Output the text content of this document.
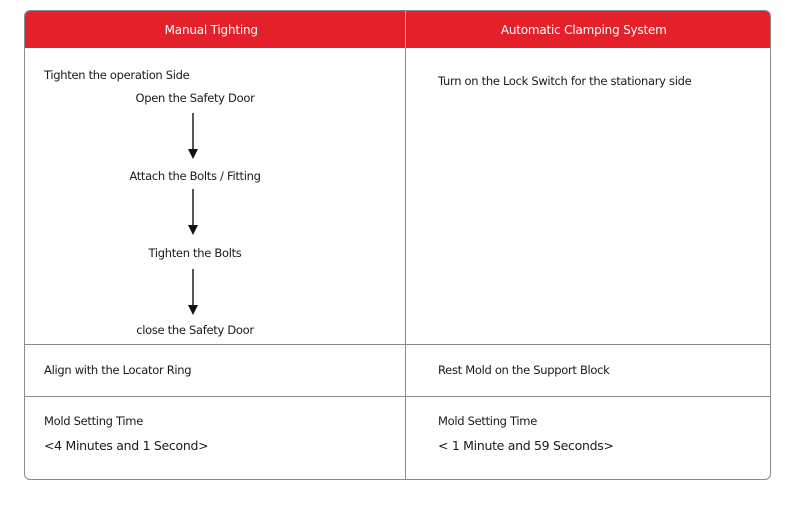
Manual Tighting	Automatic Clamping System
Tighten the operation Side
Open the Safety Door
Attach the Bolts / Fitting
Tighten the Bolts
close the Safety Door
Align with the Locator Ring
Mold Setting Time
<4 Minutes and 1 Second>
Turn on the Lock Switch for the stationary side
Rest Mold on the Support Block
Mold Setting Time
< 1 Minute and 59 Seconds>
